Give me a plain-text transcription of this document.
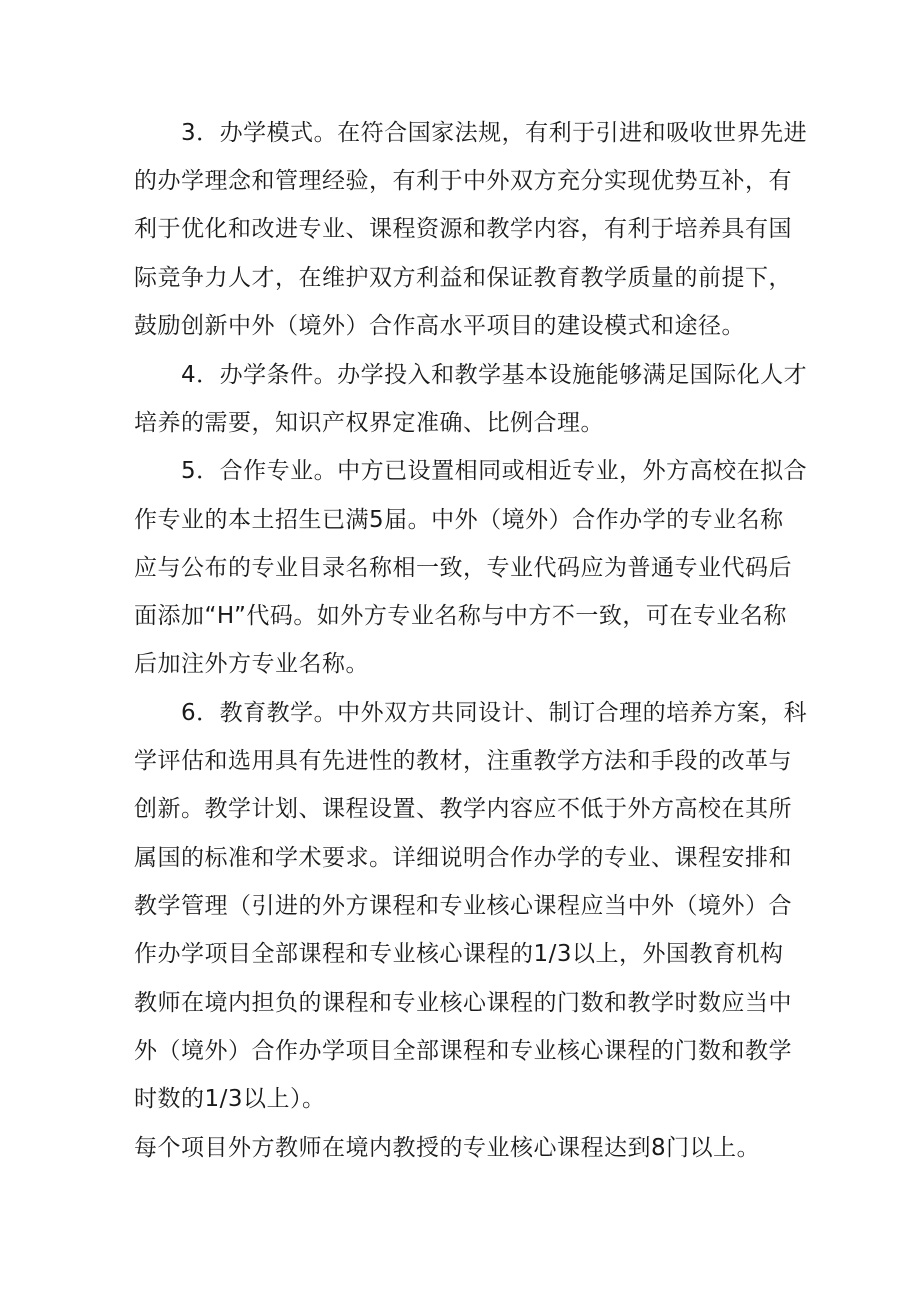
3．办学模式。在符合国家法规，有利于引进和吸收世界先进
的办学理念和管理经验，有利于中外双方充分实现优势互补，有
利于优化和改进专业、课程资源和教学内容，有利于培养具有国
际竞争力人才，在维护双方利益和保证教育教学质量的前提下，
鼓励创新中外（境外）合作高水平项目的建设模式和途径。
4．办学条件。办学投入和教学基本设施能够满足国际化人才
培养的需要，知识产权界定准确、比例合理。
5．合作专业。中方已设置相同或相近专业，外方高校在拟合
作专业的本土招生已满5届。中外（境外）合作办学的专业名称
应与公布的专业目录名称相一致，专业代码应为普通专业代码后
面添加“H”代码。如外方专业名称与中方不一致，可在专业名称
后加注外方专业名称。
6．教育教学。中外双方共同设计、制订合理的培养方案，科
学评估和选用具有先进性的教材，注重教学方法和手段的改革与
创新。教学计划、课程设置、教学内容应不低于外方高校在其所
属国的标准和学术要求。详细说明合作办学的专业、课程安排和
教学管理（引进的外方课程和专业核心课程应当中外（境外）合
作办学项目全部课程和专业核心课程的1/3以上，外国教育机构
教师在境内担负的课程和专业核心课程的门数和教学时数应当中
外（境外）合作办学项目全部课程和专业核心课程的门数和教学
时数的1/3以上）。
每个项目外方教师在境内教授的专业核心课程达到8门以上。
